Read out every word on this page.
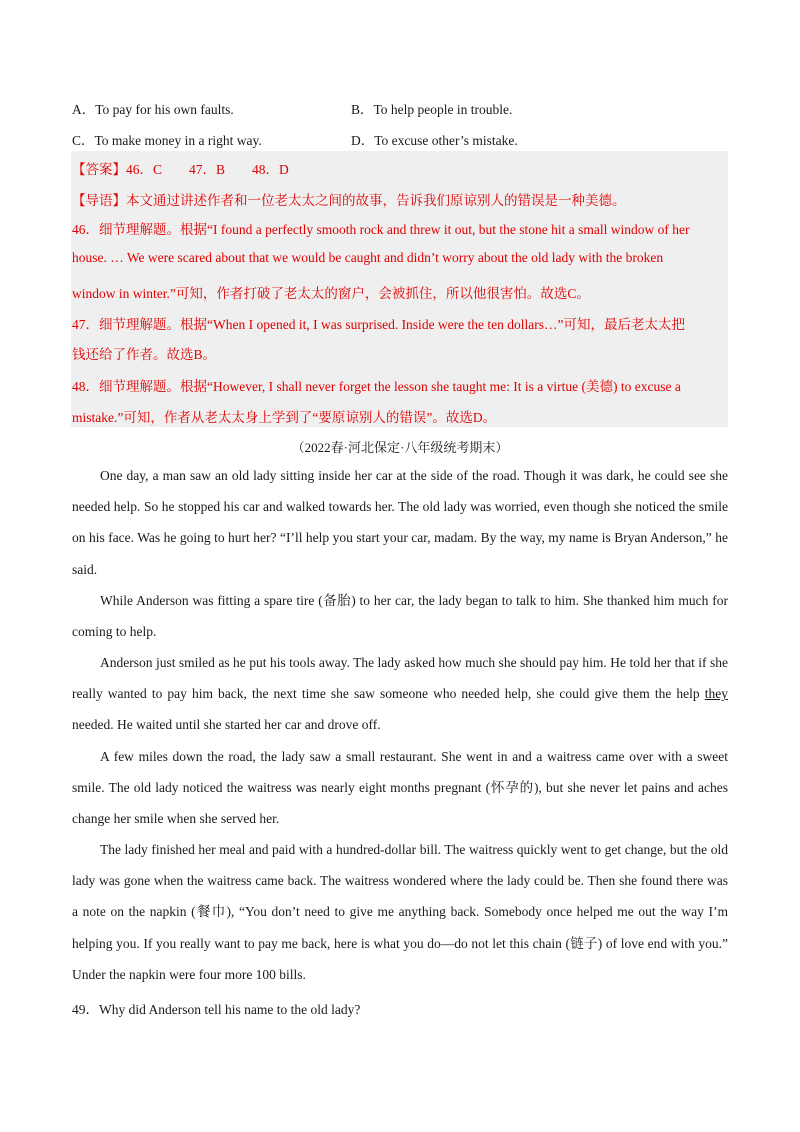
A．To pay for his own faults.	B．To help people in trouble.
C．To make money in a right way.	D．To excuse other’s mistake.
【答案】46．C　　47．B　　48．D
【导语】本文通过讲述作者和一位老太太之间的故事，告诉我们原谅别人的错误是一种美德。
46．细节理解题。根据“I found a perfectly smooth rock and threw it out, but the stone hit a small window of her
house. … We were scared about that we would be caught and didn’t worry about the old lady with the broken
window in winter.”可知，作者打破了老太太的窗户，会被抓住，所以他很害怕。故选C。
47．细节理解题。根据“When I opened it, I was surprised. Inside were the ten dollars…”可知，最后老太太把
钱还给了作者。故选B。
48．细节理解题。根据“However, I shall never forget the lesson she taught me: It is a virtue (美德) to excuse a
mistake.”可知，作者从老太太身上学到了“要原谅别人的错误”。故选D。
（2022春·河北保定·八年级统考期末）
One day, a man saw an old lady sitting inside her car at the side of the road. Though it was dark, he could see she needed help. So he stopped his car and walked towards her. The old lady was worried, even though she noticed the smile on his face. Was he going to hurt her? “I’ll help you start your car, madam. By the way, my name is Bryan Anderson,” he said.
While Anderson was fitting a spare tire (备胎) to her car, the lady began to talk to him. She thanked him much for coming to help.
Anderson just smiled as he put his tools away. The lady asked how much she should pay him. He told her that if she really wanted to pay him back, the next time she saw someone who needed help, she could give them the help they needed. He waited until she started her car and drove off.
A few miles down the road, the lady saw a small restaurant. She went in and a waitress came over with a sweet smile. The old lady noticed the waitress was nearly eight months pregnant (怀孕的), but she never let pains and aches change her smile when she served her.
The lady finished her meal and paid with a hundred-dollar bill. The waitress quickly went to get change, but the old lady was gone when the waitress came back. The waitress wondered where the lady could be. Then she found there was a note on the napkin (餐巾), “You don’t need to give me anything back. Somebody once helped me out the way I’m helping you. If you really want to pay me back, here is what you do—do not let this chain (链子) of love end with you.” Under the napkin were four more 100 bills.
49．Why did Anderson tell his name to the old lady?
